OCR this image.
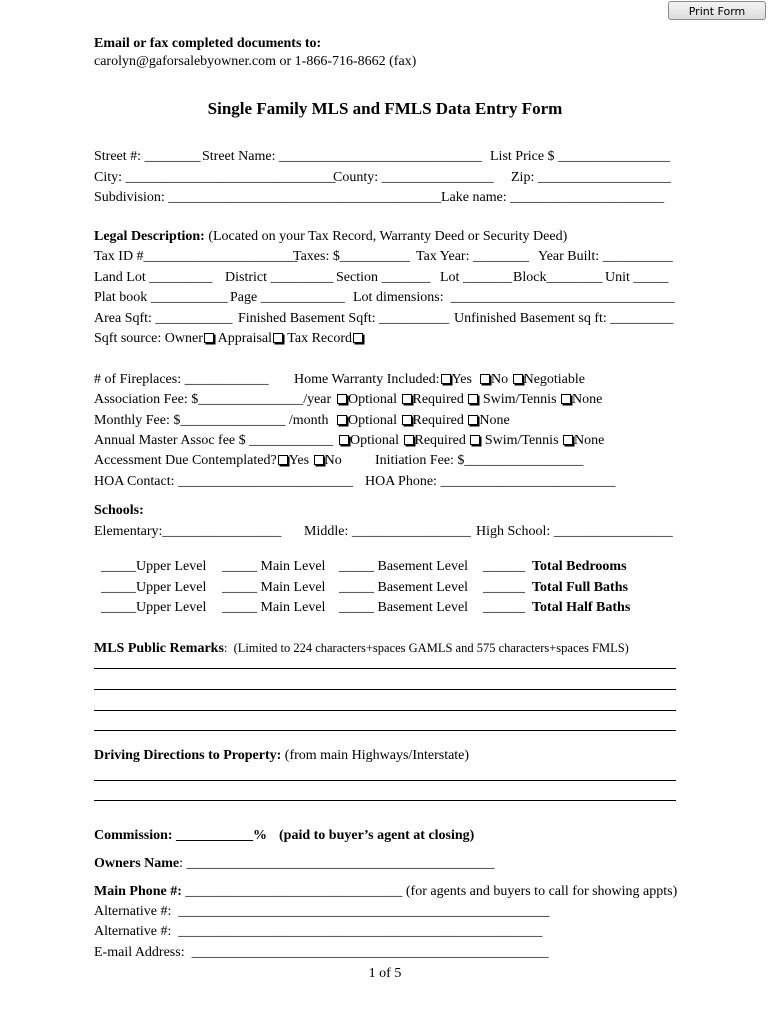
Print Form
Email or fax completed documents to:
carolyn@gaforsalebyowner.com or 1-866-716-8662 (fax)
Single Family MLS and FMLS Data Entry Form
Street #: ________ Street Name: _____________________________ List Price $ ________________
City: ______________________________
County: ________________ Zip: ___________________
Subdivision: _______________________________________ Lake name: ______________________
Legal Description: (Located on your Tax Record, Warranty Deed or Security Deed)
Tax ID #______________________
Taxes: $__________ Tax Year: ________ Year Built: __________
Land Lot _________ District _________ Section _______ Lot _______ Block________ Unit _____
Plat book ___________ Page ____________ Lot dimensions:  ________________________________
Area Sqft: ___________ Finished Basement Sqft: __________ Unfinished Basement sq ft: _________
Sqft source: Owner Appraisal Tax Record
# of Fireplaces: ____________ Home Warranty Included: Yes No Negotiable
Association Fee: $_______________/year	Optional Required Swim/Tennis None
Monthly Fee: $_______________ /month	Optional Required None
Annual Master Assoc fee $ ____________	Optional Required Swim/Tennis None
Accessment Due Contemplated? Yes No Initiation Fee: $_________________
HOA Contact: _________________________ HOA Phone: _________________________
Schools:
Elementary:_________________ Middle: _________________ High School: _________________
_____Upper Level _____ Main Level _____ Basement Level ______ Total Bedrooms
_____Upper Level _____ Main Level _____ Basement Level ______ Total Full Baths
_____Upper Level _____ Main Level _____ Basement Level ______ Total Half Baths
MLS Public Remarks:  (Limited to 224 characters+spaces GAMLS and 575 characters+spaces FMLS)
Driving Directions to Property: (from main Highways/Interstate)
Commission: ___________% (paid to buyer’s agent at closing)
Owners Name: ____________________________________________
Main Phone #: _______________________________ (for agents and buyers to call for showing appts)
Alternative #:  _____________________________________________________
Alternative #:  ____________________________________________________
E-mail Address:  ___________________________________________________
1 of 5
